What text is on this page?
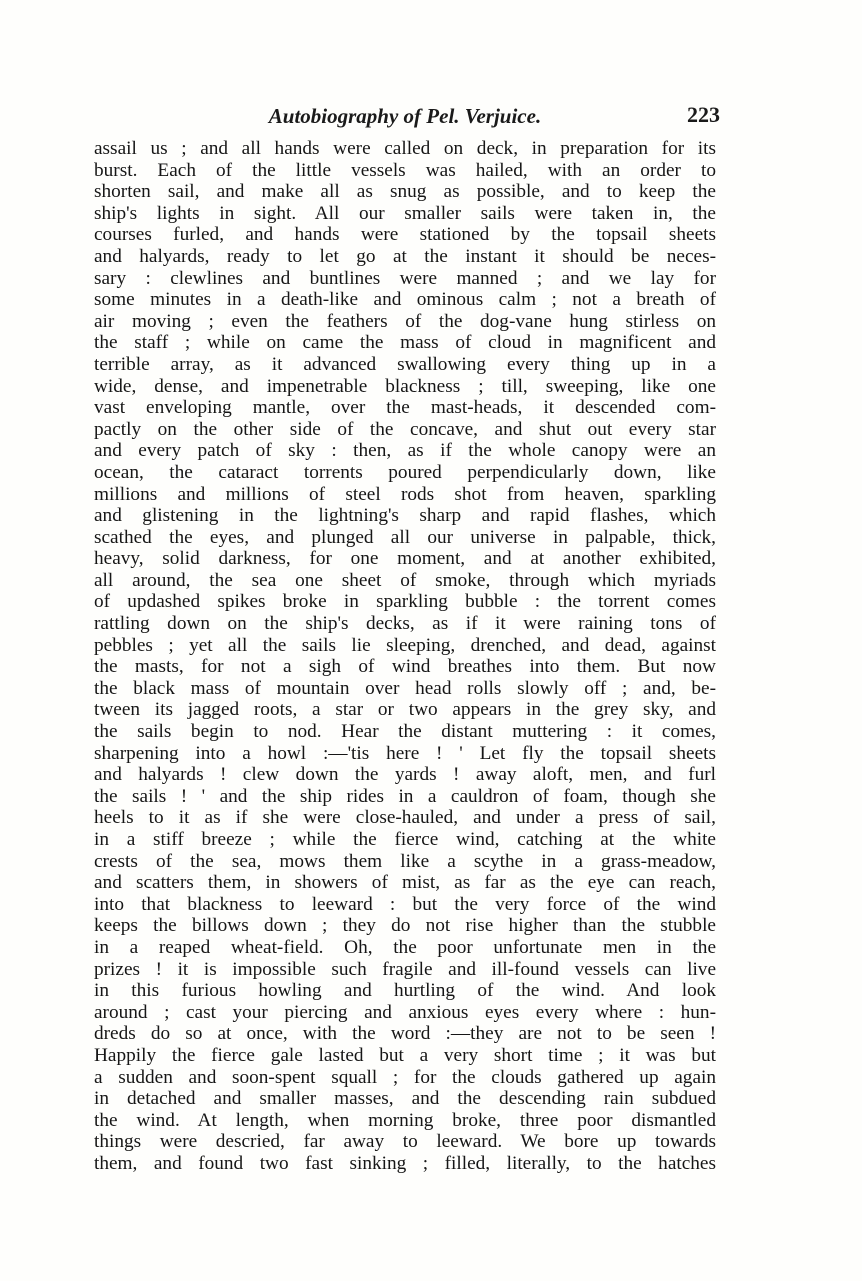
Autobiography of Pel. Verjuice.	223
assail us ; and all hands were called on deck, in preparation for its
burst. Each of the little vessels was hailed, with an order to
shorten sail, and make all as snug as possible, and to keep the
ship's lights in sight. All our smaller sails were taken in, the
courses furled, and hands were stationed by the topsail sheets
and halyards, ready to let go at the instant it should be neces-
sary : clewlines and buntlines were manned ; and we lay for
some minutes in a death-like and ominous calm ; not a breath of
air moving ; even the feathers of the dog-vane hung stirless on
the staff ; while on came the mass of cloud in magnificent and
terrible array, as it advanced swallowing every thing up in a
wide, dense, and impenetrable blackness ; till, sweeping, like one
vast enveloping mantle, over the mast-heads, it descended com-
pactly on the other side of the concave, and shut out every star
and every patch of sky : then, as if the whole canopy were an
ocean, the cataract torrents poured perpendicularly down, like
millions and millions of steel rods shot from heaven, sparkling
and glistening in the lightning's sharp and rapid flashes, which
scathed the eyes, and plunged all our universe in palpable, thick,
heavy, solid darkness, for one moment, and at another exhibited,
all around, the sea one sheet of smoke, through which myriads
of updashed spikes broke in sparkling bubble : the torrent comes
rattling down on the ship's decks, as if it were raining tons of
pebbles ; yet all the sails lie sleeping, drenched, and dead, against
the masts, for not a sigh of wind breathes into them. But now
the black mass of mountain over head rolls slowly off ; and, be-
tween its jagged roots, a star or two appears in the grey sky, and
the sails begin to nod. Hear the distant muttering : it comes,
sharpening into a howl :—'tis here ! ' Let fly the topsail sheets
and halyards ! clew down the yards ! away aloft, men, and furl
the sails ! ' and the ship rides in a cauldron of foam, though she
heels to it as if she were close-hauled, and under a press of sail,
in a stiff breeze ; while the fierce wind, catching at the white
crests of the sea, mows them like a scythe in a grass-meadow,
and scatters them, in showers of mist, as far as the eye can reach,
into that blackness to leeward : but the very force of the wind
keeps the billows down ; they do not rise higher than the stubble
in a reaped wheat-field. Oh, the poor unfortunate men in the
prizes ! it is impossible such fragile and ill-found vessels can live
in this furious howling and hurtling of the wind. And look
around ; cast your piercing and anxious eyes every where : hun-
dreds do so at once, with the word :—they are not to be seen !
Happily the fierce gale lasted but a very short time ; it was but
a sudden and soon-spent squall ; for the clouds gathered up again
in detached and smaller masses, and the descending rain subdued
the wind. At length, when morning broke, three poor dismantled
things were descried, far away to leeward. We bore up towards
them, and found two fast sinking ; filled, literally, to the hatches
